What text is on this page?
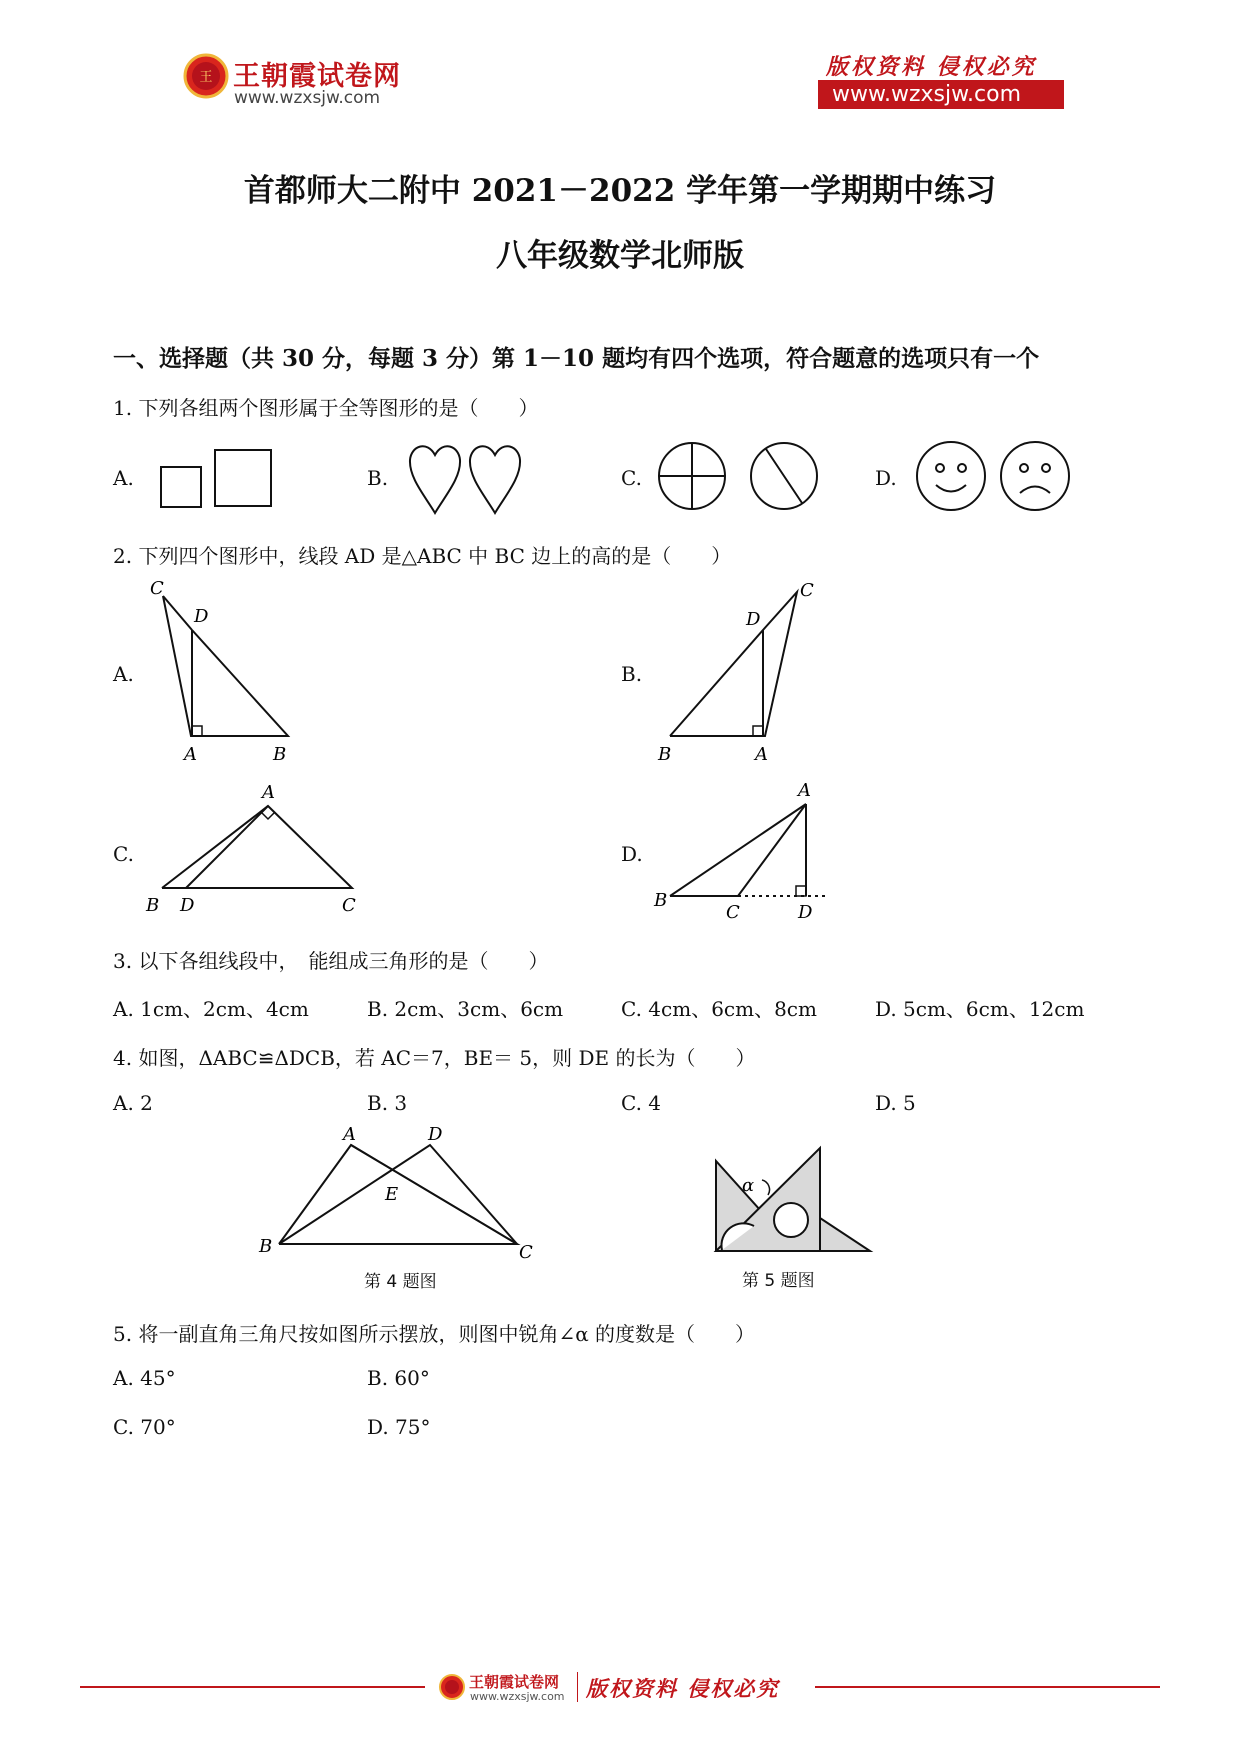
王 王朝霞试卷网
www.wzxsjw.com
版权资料 侵权必究
www.wzxsjw.com
首都师大二附中 2021－2022 学年第一学期期中练习
八年级数学北师版
一、选择题（共 30 分，每题 3 分）第 1－10 题均有四个选项，符合题意的选项只有一个
1. 下列各组两个图形属于全等图形的是（　　）
A.	B.	C.	D.
2. 下列四个图形中，线段 AD 是△ABC 中 BC 边上的高的是（　　）
A.	B.
C.	D.
C
D
A	B
C
D
B	A
A
B D	C
A
B
C	D
3. 以下各组线段中，　能组成三角形的是（　　）
A. 1cm、2cm、4cm	B. 2cm、3cm、6cm	C. 4cm、6cm、8cm	D. 5cm、6cm、12cm
4. 如图，ΔABC≌ΔDCB，若 AC＝7，BE＝ 5，则 DE 的长为（　　）
A. 2	B. 3	C. 4	D. 5
A	D
E
B	C
第 4 题图
α
第 5 题图
5. 将一副直角三角尺按如图所示摆放，则图中锐角∠α 的度数是（　　）
A. 45°	B. 60°
C. 70°	D. 75°
王朝霞试卷网
www.wzxsjw.com 版权资料 侵权必究
